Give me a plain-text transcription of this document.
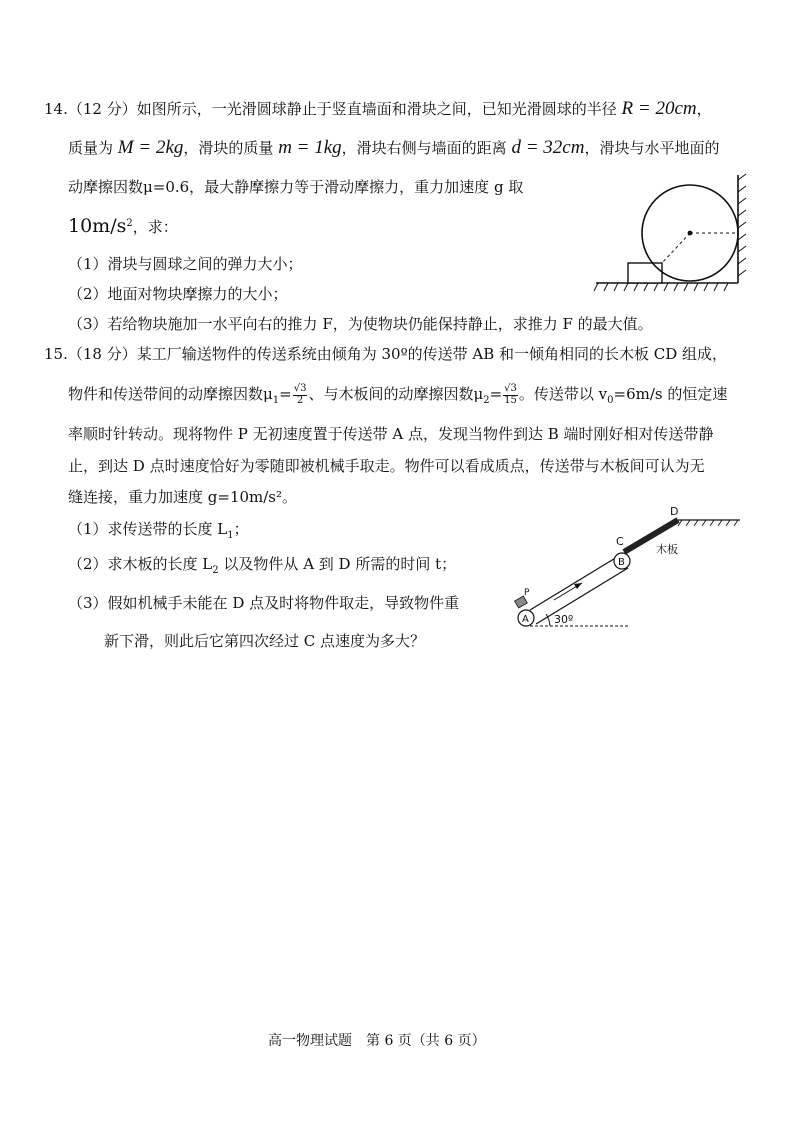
14.（12 分）如图所示，一光滑圆球静止于竖直墙面和滑块之间，已知光滑圆球的半径 R = 20cm，
质量为 M = 2kg，滑块的质量 m = 1kg，滑块右侧与墙面的距离 d = 32cm，滑块与水平地面的
动摩擦因数μ=0.6，最大静摩擦力等于滑动摩擦力，重力加速度 g 取
$10m/s^2$，求：
（1）滑块与圆球之间的弹力大小；
（2）地面对物块摩擦力的大小；
（3）若给物块施加一水平向右的推力 F，为使物块仍能保持静止，求推力 F 的最大值。
15.（18 分）某工厂输送物件的传送系统由倾角为 30º的传送带 AB 和一倾角相同的长木板 CD 组成，
物件和传送带间的动摩擦因数$\mu_1= \frac{√3}{2}$ 、与木板间的动摩擦因数$\mu_2= \frac{√3}{15}$ 。传送带以 $v_0=6m/s$ 的恒定速
率顺时针转动。现将物件 P 无初速度置于传送带 A 点，发现当物件到达 B 端时刚好相对传送带静
止，到达 D 点时速度恰好为零随即被机械手取走。物件可以看成质点，传送带与木板间可认为无
缝连接，重力加速度 g=10m/s²。
（1）求传送带的长度 $L_1$；
（2）求木板的长度 $L_2$ 以及物件从 A 到 D 所需的时间 t；
（3）假如机械手未能在 D 点及时将物件取走，导致物件重
新下滑，则此后它第四次经过 C 点速度为多大？
D
C
B
A
P
木板
30º
高一物理试题　第 6 页（共 6 页）
